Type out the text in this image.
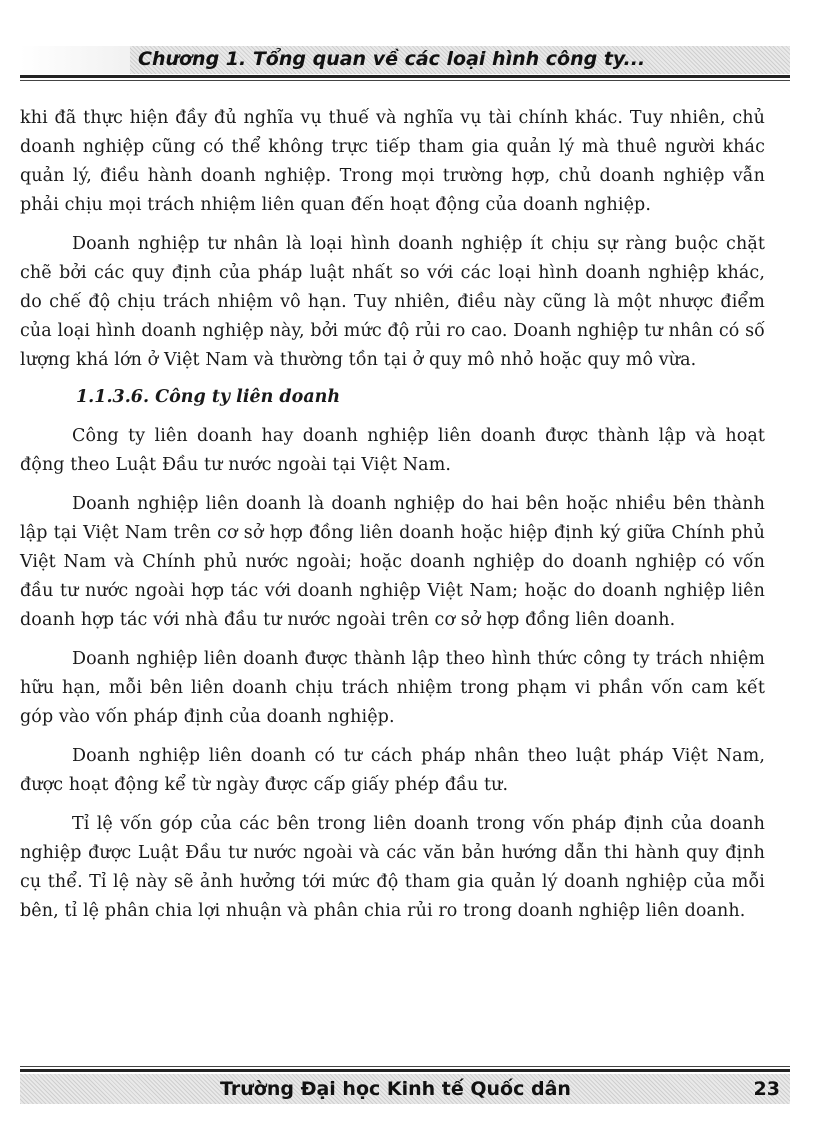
Chương 1. Tổng quan về các loại hình công ty...

khi đã thực hiện đầy đủ nghĩa vụ thuế và nghĩa vụ tài chính khác. Tuy nhiên, chủ doanh nghiệp cũng có thể không trực tiếp tham gia quản lý mà thuê người khác quản lý, điều hành doanh nghiệp. Trong mọi trường hợp, chủ doanh nghiệp vẫn phải chịu mọi trách nhiệm liên quan đến hoạt động của doanh nghiệp.

Doanh nghiệp tư nhân là loại hình doanh nghiệp ít chịu sự ràng buộc chặt chẽ bởi các quy định của pháp luật nhất so với các loại hình doanh nghiệp khác, do chế độ chịu trách nhiệm vô hạn. Tuy nhiên, điều này cũng là một nhược điểm của loại hình doanh nghiệp này, bởi mức độ rủi ro cao. Doanh nghiệp tư nhân có số lượng khá lớn ở Việt Nam và thường tồn tại ở quy mô nhỏ hoặc quy mô vừa.

1.1.3.6. Công ty liên doanh

Công ty liên doanh hay doanh nghiệp liên doanh được thành lập và hoạt động theo Luật Đầu tư nước ngoài tại Việt Nam.

Doanh nghiệp liên doanh là doanh nghiệp do hai bên hoặc nhiều bên thành lập tại Việt Nam trên cơ sở hợp đồng liên doanh hoặc hiệp định ký giữa Chính phủ Việt Nam và Chính phủ nước ngoài; hoặc doanh nghiệp do doanh nghiệp có vốn đầu tư nước ngoài hợp tác với doanh nghiệp Việt Nam; hoặc do doanh nghiệp liên doanh hợp tác với nhà đầu tư nước ngoài trên cơ sở hợp đồng liên doanh.

Doanh nghiệp liên doanh được thành lập theo hình thức công ty trách nhiệm hữu hạn, mỗi bên liên doanh chịu trách nhiệm trong phạm vi phần vốn cam kết góp vào vốn pháp định của doanh nghiệp.

Doanh nghiệp liên doanh có tư cách pháp nhân theo luật pháp Việt Nam, được hoạt động kể từ ngày được cấp giấy phép đầu tư.

Tỉ lệ vốn góp của các bên trong liên doanh trong vốn pháp định của doanh nghiệp được Luật Đầu tư nước ngoài và các văn bản hướng dẫn thi hành quy định cụ thể. Tỉ lệ này sẽ ảnh hưởng tới mức độ tham gia quản lý doanh nghiệp của mỗi bên, tỉ lệ phân chia lợi nhuận và phân chia rủi ro trong doanh nghiệp liên doanh.

Trường Đại học Kinh tế Quốc dân	23
